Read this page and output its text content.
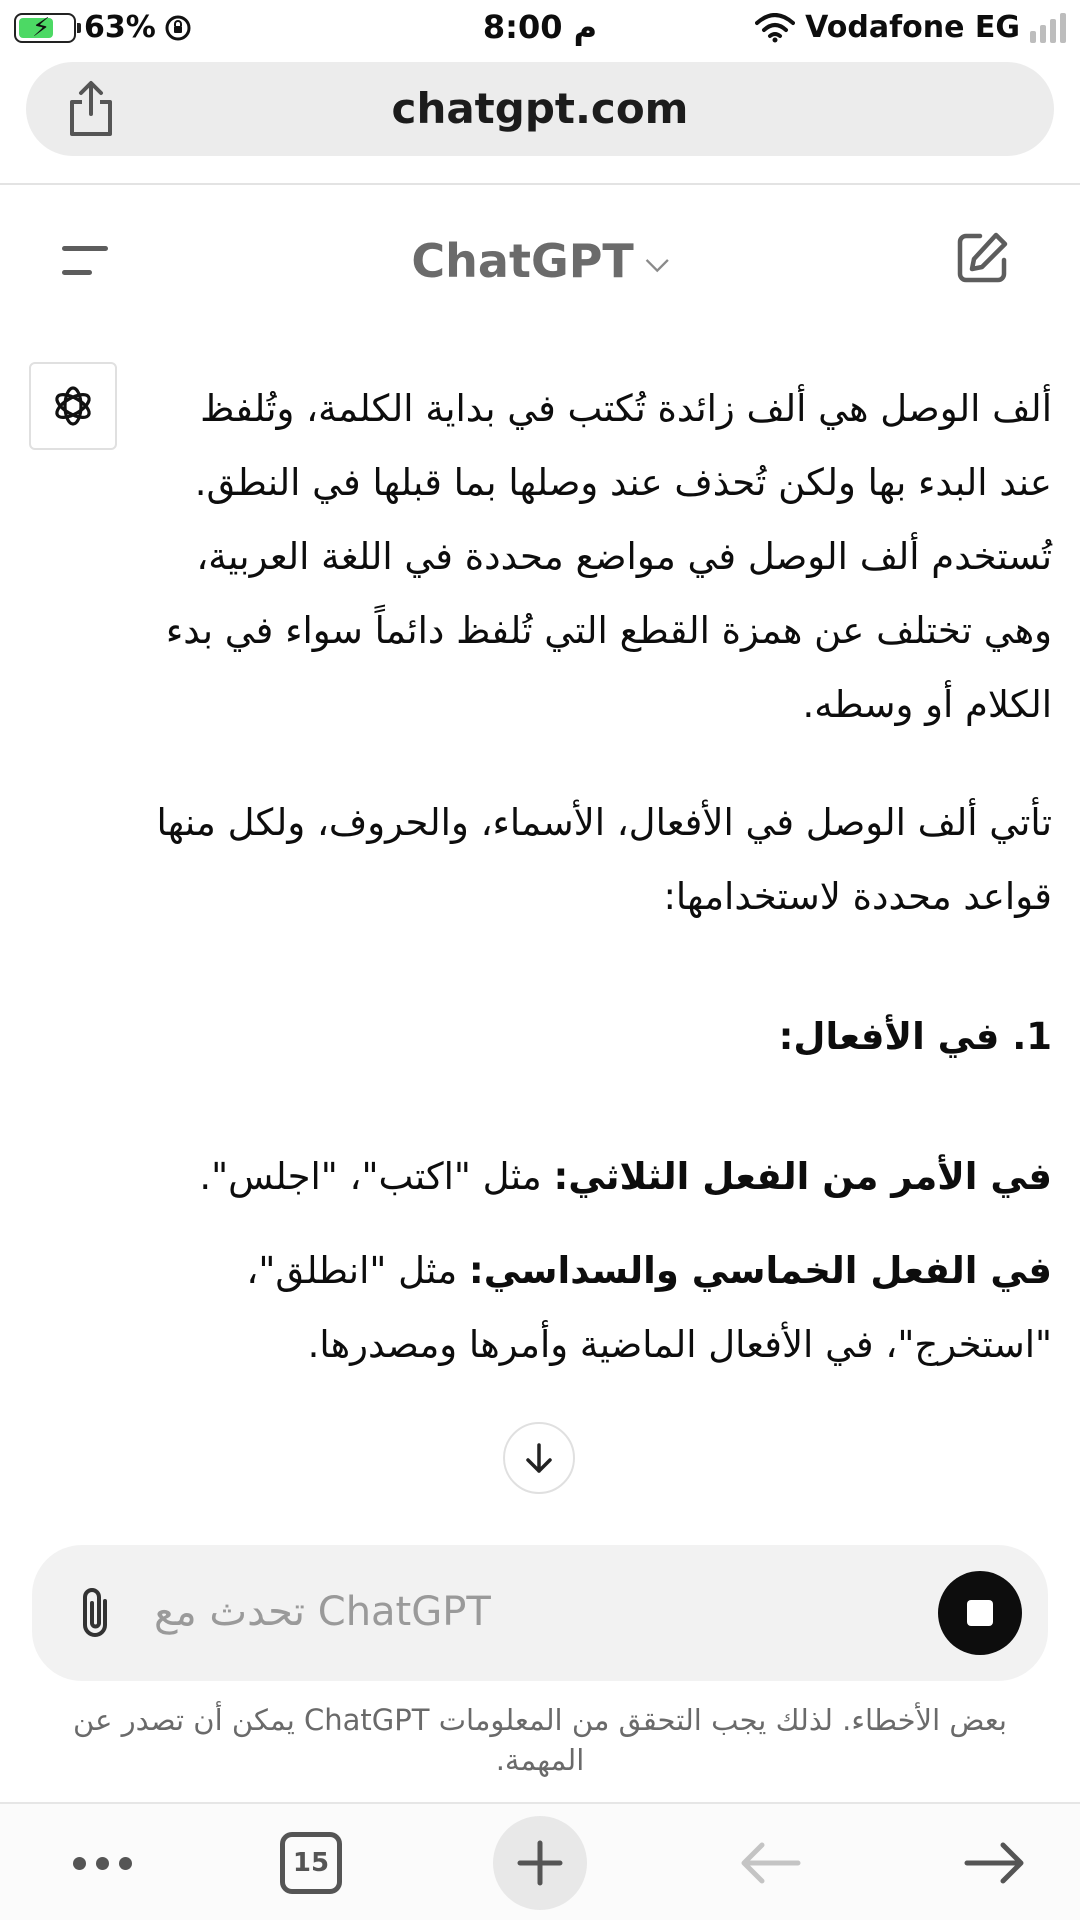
⚡ 63%	8:00 م	Vodafone EG
chatgpt.com
ChatGPT ⌵

ألف الوصل هي ألف زائدة تُكتب في بداية الكلمة، وتُلفظ عند البدء بها ولكن تُحذف عند وصلها بما قبلها في النطق. تُستخدم ألف الوصل في مواضع محددة في اللغة العربية، وهي تختلف عن همزة القطع التي تُلفظ دائماً سواء في بدء الكلام أو وسطه.

تأتي ألف الوصل في الأفعال، الأسماء، والحروف، ولكل منها قواعد محددة لاستخدامها:

1. في الأفعال:

في الأمر من الفعل الثلاثي: مثل "اكتب"، "اجلس".

في الفعل الخماسي والسداسي: مثل "انطلق"، "استخرج"، في الأفعال الماضية وأمرها ومصدرها.

تحدث مع ChatGPT
بعض الأخطاء. لذلك يجب التحقق من المعلومات ChatGPT يمكن أن تصدر عن المهمة.
15
